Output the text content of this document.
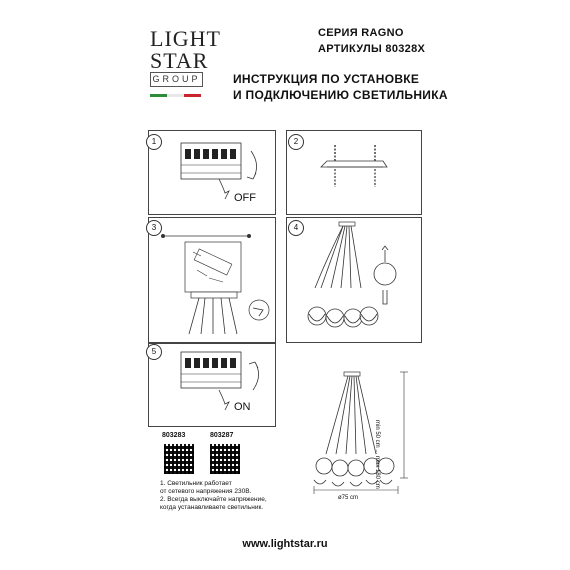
LIGHT
STAR
GROUP
СЕРИЯ RAGNO
АРТИКУЛЫ 80328X
ИНСТРУКЦИЯ ПО УСТАНОВКЕ
И ПОДКЛЮЧЕНИЮ СВЕТИЛЬНИКА
1
OFF
2
3	4
5
ON
803283	803287
1. Светильник работает
от сетевого напряжения 230В.
2. Всегда выключайте напряжение,
когда устанавливаете светильник.
min 50 cm ... max 180 cm
ø75 cm
www.lightstar.ru
